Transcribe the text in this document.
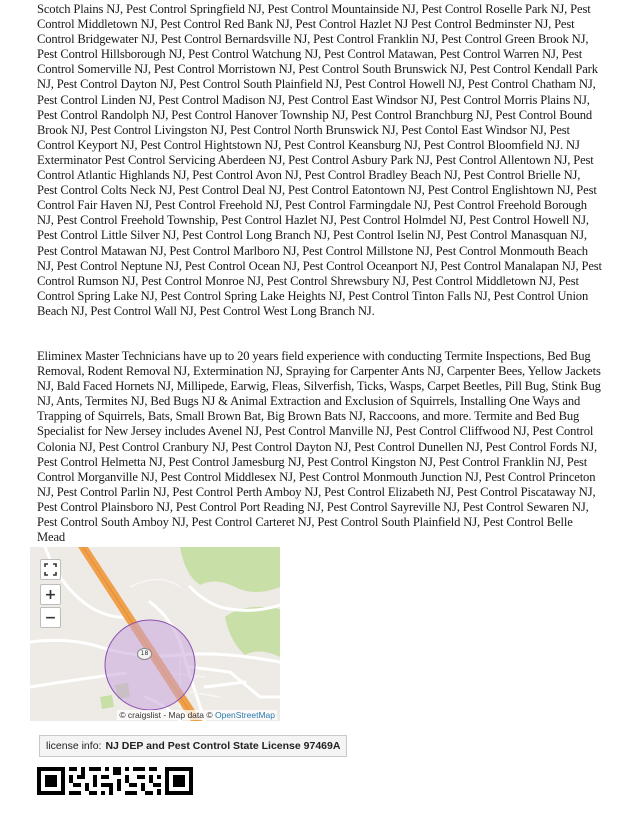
Scotch Plains NJ, Pest Control Springfield NJ, Pest Control Mountainside NJ, Pest Control Roselle Park NJ, Pest Control Middletown NJ, Pest Control Red Bank NJ, Pest Control Hazlet NJ Pest Control Bedminster NJ, Pest Control Bridgewater NJ, Pest Control Bernardsville NJ, Pest Control Franklin NJ, Pest Control Green Brook NJ, Pest Control Hillsborough NJ, Pest Control Watchung NJ, Pest Control Matawan, Pest Control Warren NJ, Pest Control Somerville NJ, Pest Control Morristown NJ, Pest Control South Brunswick NJ, Pest Control Kendall Park NJ, Pest Control Dayton NJ, Pest Control South Plainfield NJ, Pest Control Howell NJ, Pest Control Chatham NJ, Pest Control Linden NJ, Pest Control Madison NJ, Pest Control East Windsor NJ, Pest Control Morris Plains NJ, Pest Control Randolph NJ, Pest Control Hanover Township NJ, Pest Control Branchburg NJ, Pest Control Bound Brook NJ, Pest Control Livingston NJ, Pest Control North Brunswick NJ, Pest Contol East Windsor NJ, Pest Control Keyport NJ, Pest Control Hightstown NJ, Pest Control Keansburg NJ, Pest Control Bloomfield NJ. NJ Exterminator Pest Control Servicing Aberdeen NJ, Pest Control Asbury Park NJ, Pest Control Allentown NJ, Pest Control Atlantic Highlands NJ, Pest Control Avon NJ, Pest Control Bradley Beach NJ, Pest Control Brielle NJ, Pest Control Colts Neck NJ, Pest Control Deal NJ, Pest Control Eatontown NJ, Pest Control Englishtown NJ, Pest Control Fair Haven NJ, Pest Control Freehold NJ, Pest Control Farmingdale NJ, Pest Control Freehold Borough NJ, Pest Control Freehold Township, Pest Control Hazlet NJ, Pest Control Holmdel NJ, Pest Control Howell NJ, Pest Control Little Silver NJ, Pest Control Long Branch NJ, Pest Control Iselin NJ, Pest Control Manasquan NJ, Pest Control Matawan NJ, Pest Control Marlboro NJ, Pest Control Millstone NJ, Pest Control Monmouth Beach NJ, Pest Control Neptune NJ, Pest Control Ocean NJ, Pest Control Oceanport NJ, Pest Control Manalapan NJ, Pest Control Rumson NJ, Pest Control Monroe NJ, Pest Control Shrewsbury NJ, Pest Control Middletown NJ, Pest Control Spring Lake NJ, Pest Control Spring Lake Heights NJ, Pest Control Tinton Falls NJ, Pest Control Union Beach NJ, Pest Control Wall NJ, Pest Control West Long Branch NJ.

Eliminex Master Technicians have up to 20 years field experience with conducting Termite Inspections, Bed Bug Removal, Rodent Removal NJ, Extermination NJ, Spraying for Carpenter Ants NJ, Carpenter Bees, Yellow Jackets NJ, Bald Faced Hornets NJ, Millipede, Earwig, Fleas, Silverfish, Ticks, Wasps, Carpet Beetles, Pill Bug, Stink Bug NJ, Ants, Termites NJ, Bed Bugs NJ & Animal Extraction and Exclusion of Squirrels, Installing One Ways and Trapping of Squirrels, Bats, Small Brown Bat, Big Brown Bats NJ, Raccoons, and more. Termite and Bed Bug Specialist for New Jersey includes Avenel NJ, Pest Control Manville NJ, Pest Control Cliffwood NJ, Pest Control Colonia NJ, Pest Control Cranbury NJ, Pest Control Dayton NJ, Pest Control Dunellen NJ, Pest Control Fords NJ, Pest Control Helmetta NJ, Pest Control Jamesburg NJ, Pest Control Kingston NJ, Pest Control Franklin NJ, Pest Control Morganville NJ, Pest Control Middlesex NJ, Pest Control Monmouth Junction NJ, Pest Control Princeton NJ, Pest Control Parlin NJ, Pest Control Perth Amboy NJ, Pest Control Elizabeth NJ, Pest Control Piscataway NJ, Pest Control Plainsboro NJ, Pest Control Port Reading NJ, Pest Control Sayreville NJ, Pest Control Sewaren NJ, Pest Control South Amboy NJ, Pest Control Carteret NJ, Pest Control South Plainfield NJ, Pest Control Belle Mead

+
−
18
© craigslist - Map data © OpenStreetMap
license info: NJ DEP and Pest Control State License 97469A
